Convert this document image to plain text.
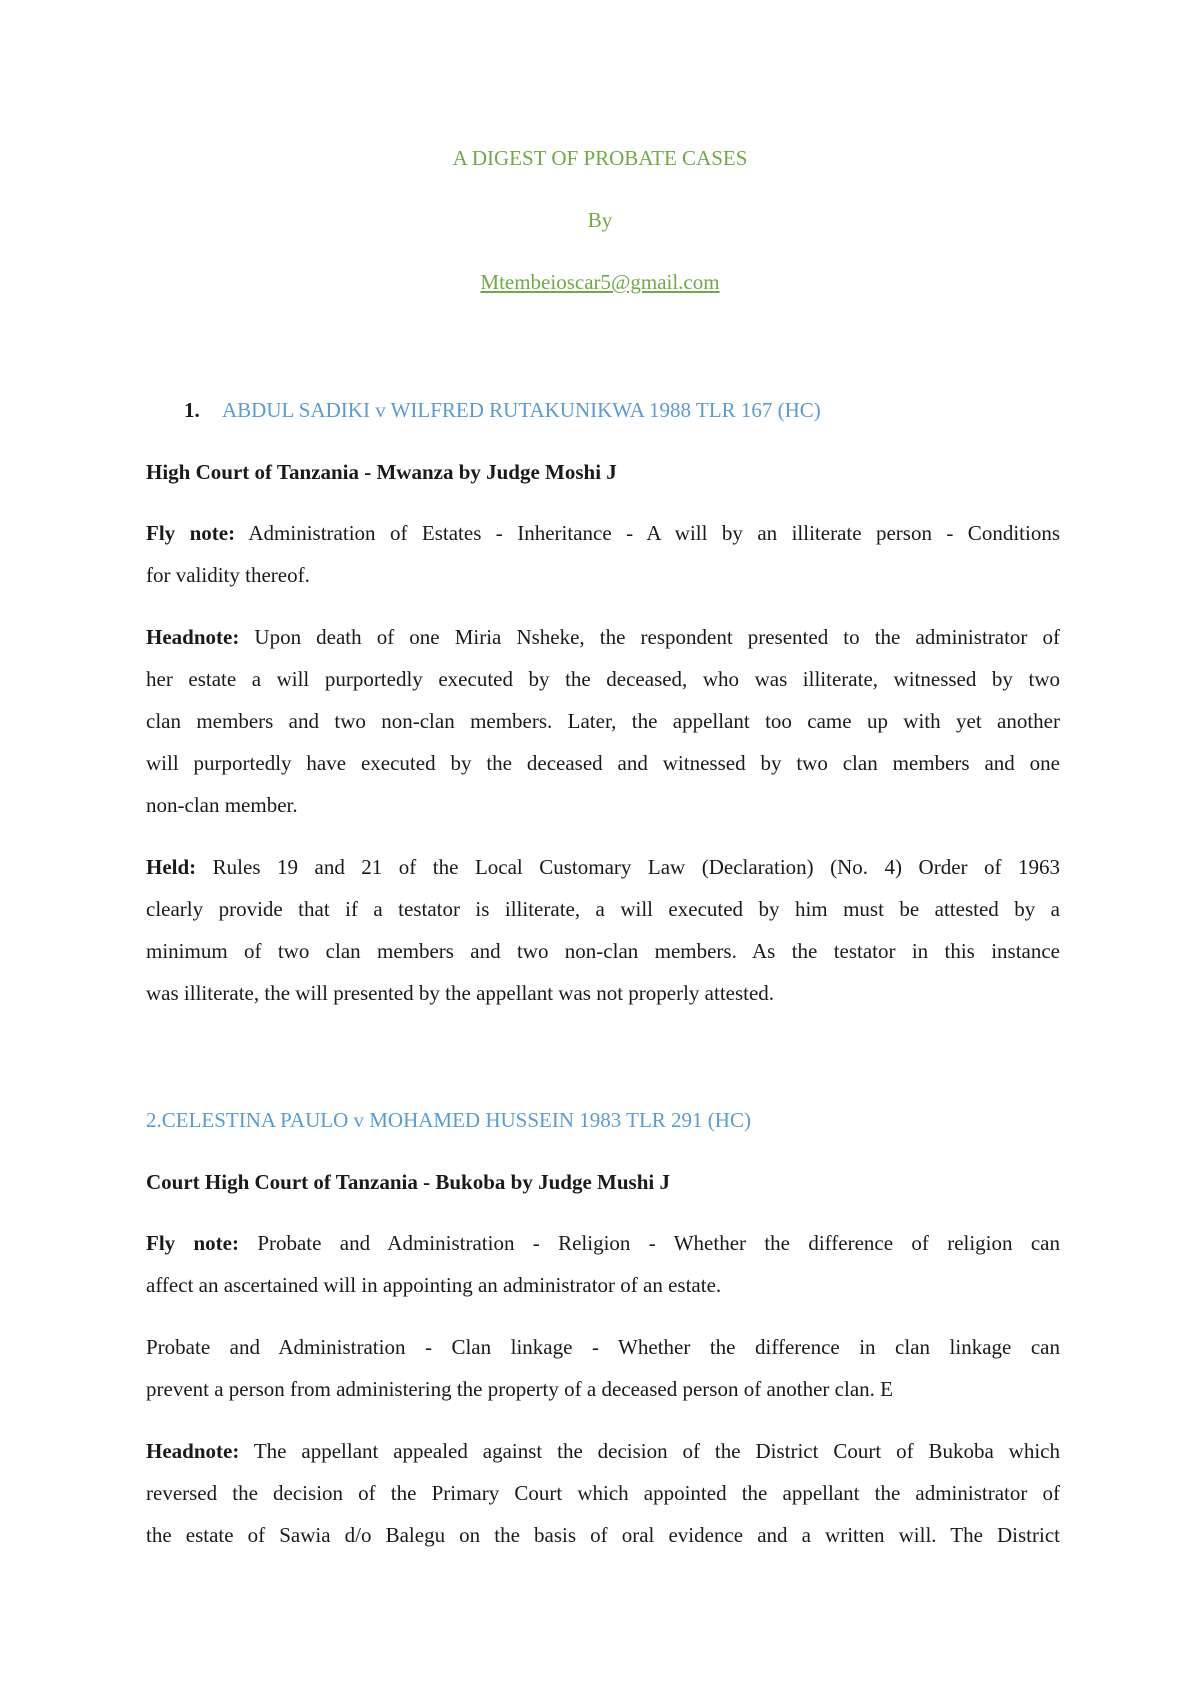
A DIGEST OF PROBATE CASES
By
Mtembeioscar5@gmail.com
1. ABDUL SADIKI v WILFRED RUTAKUNIKWA 1988 TLR 167 (HC)
High Court of Tanzania - Mwanza by Judge Moshi J
Fly note: Administration of Estates - Inheritance - A will by an illiterate person - Conditions
for validity thereof.
Headnote: Upon death of one Miria Nsheke, the respondent presented to the administrator of
her estate a will purportedly executed by the deceased, who was illiterate, witnessed by two
clan members and two non-clan members. Later, the appellant too came up with yet another
will purportedly have executed by the deceased and witnessed by two clan members and one
non-clan member.
Held: Rules 19 and 21 of the Local Customary Law (Declaration) (No. 4) Order of 1963
clearly provide that if a testator is illiterate, a will executed by him must be attested by a
minimum of two clan members and two non-clan members. As the testator in this instance
was illiterate, the will presented by the appellant was not properly attested.
2.CELESTINA PAULO v MOHAMED HUSSEIN 1983 TLR 291 (HC)
Court High Court of Tanzania - Bukoba by Judge Mushi J
Fly note: Probate and Administration - Religion - Whether the difference of religion can
affect an ascertained will in appointing an administrator of an estate.
Probate and Administration - Clan linkage - Whether the difference in clan linkage can
prevent a person from administering the property of a deceased person of another clan. E
Headnote: The appellant appealed against the decision of the District Court of Bukoba which
reversed the decision of the Primary Court which appointed the appellant the administrator of
the estate of Sawia d/o Balegu on the basis of oral evidence and a written will. The District
